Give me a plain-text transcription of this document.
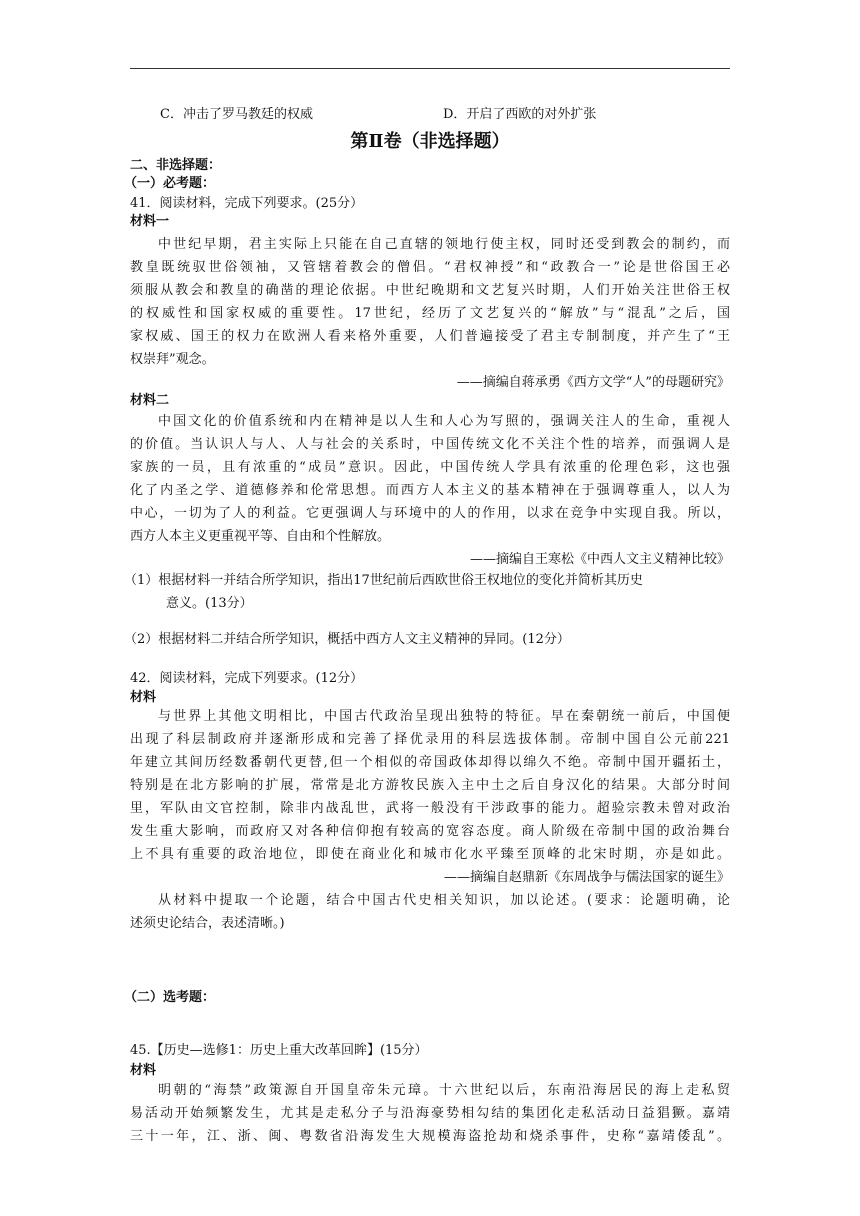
C．冲击了罗马教廷的权威	D．开启了西欧的对外扩张
第Ⅱ卷（非选择题）
二、非选择题：
（一）必考题：
41．阅读材料，完成下列要求。(25分）
材料一
中世纪早期，君主实际上只能在自己直辖的领地行使主权，同时还受到教会的制约，而
教皇既统驭世俗领袖，又管辖着教会的僧侣。“君权神授”和“政教合一”论是世俗国王必
须服从教会和教皇的确凿的理论依据。中世纪晚期和文艺复兴时期，人们开始关注世俗王权
的权威性和国家权威的重要性。17世纪，经历了文艺复兴的“解放”与“混乱”之后，国
家权威、国王的权力在欧洲人看来格外重要，人们普遍接受了君主专制制度，并产生了“王
权崇拜”观念。
——摘编自蒋承勇《西方文学“人”的母题研究》
材料二
中国文化的价值系统和内在精神是以人生和人心为写照的，强调关注人的生命，重视人
的价值。当认识人与人、人与社会的关系时，中国传统文化不关注个性的培养，而强调人是
家族的一员，且有浓重的“成员”意识。因此，中国传统人学具有浓重的伦理色彩，这也强
化了内圣之学、道德修养和伦常思想。而西方人本主义的基本精神在于强调尊重人，以人为
中心，一切为了人的利益。它更强调人与环境中的人的作用，以求在竞争中实现自我。所以，
西方人本主义更重视平等、自由和个性解放。
——摘编自王寒松《中西人文主义精神比较》
（1）根据材料一并结合所学知识，指出17世纪前后西欧世俗王权地位的变化并简析其历史
意义。(13分）
（2）根据材料二并结合所学知识，概括中西方人文主义精神的异同。(12分）
42．阅读材料，完成下列要求。(12分）
材料
与世界上其他文明相比，中国古代政治呈现出独特的特征。早在秦朝统一前后，中国便
出现了科层制政府并逐渐形成和完善了择优录用的科层选拔体制。帝制中国自公元前221
年建立其间历经数番朝代更替,但一个相似的帝国政体却得以绵久不绝。帝制中国开疆拓土，
特别是在北方影响的扩展，常常是北方游牧民族入主中土之后自身汉化的结果。大部分时间
里，军队由文官控制，除非内战乱世，武将一般没有干涉政事的能力。超验宗教未曾对政治
发生重大影响，而政府又对各种信仰抱有较高的宽容态度。商人阶级在帝制中国的政治舞台
上不具有重要的政治地位，即使在商业化和城市化水平臻至顶峰的北宋时期，亦是如此。
——摘编自赵鼎新《东周战争与儒法国家的诞生》
从材料中提取一个论题，结合中国古代史相关知识，加以论述。(要求：论题明确，论
述须史论结合，表述清晰。)
（二）选考题：
45.【历史—选修1：历史上重大改革回眸】(15分）
材料
明朝的“海禁”政策源自开国皇帝朱元璋。十六世纪以后，东南沿海居民的海上走私贸
易活动开始频繁发生，尤其是走私分子与沿海豪势相勾结的集团化走私活动日益猖獗。嘉靖
三十一年，江、浙、闽、粤数省沿海发生大规模海盗抢劫和烧杀事件，史称“嘉靖倭乱”。
